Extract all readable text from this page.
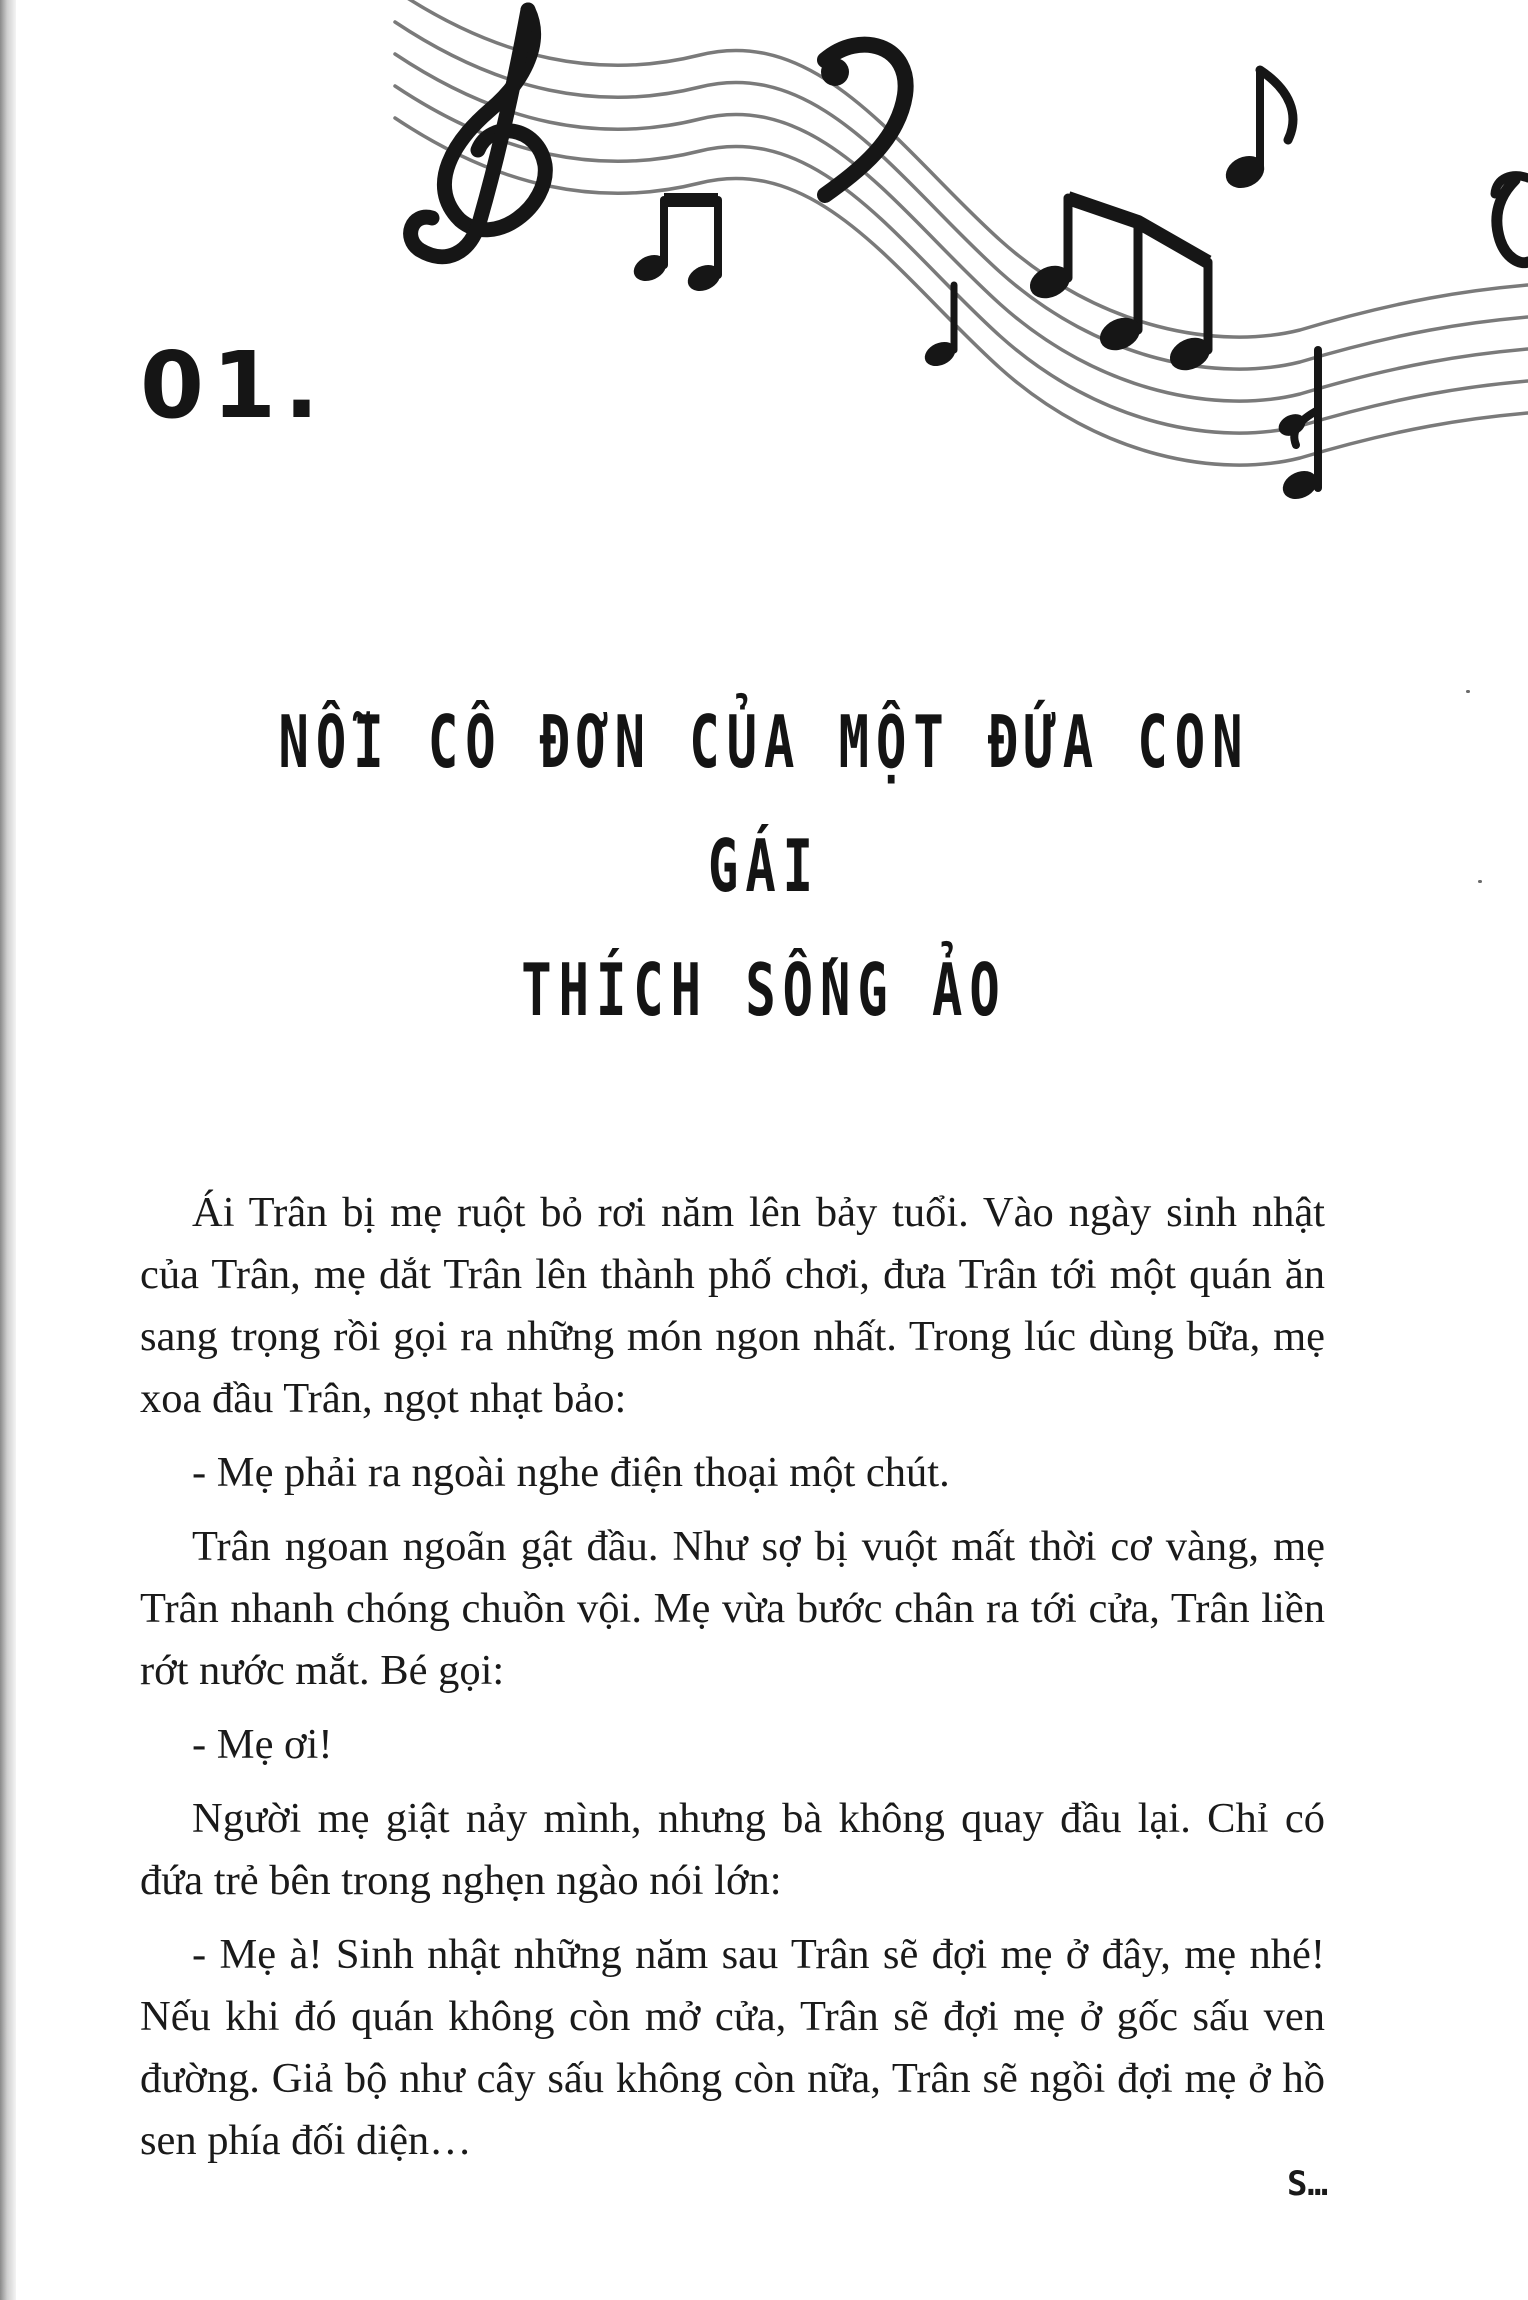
01.
NỖI CÔ ĐƠN CỦA MỘT ĐỨA CON GÁI
THÍCH SỐNG ẢO

Ái Trân bị mẹ ruột bỏ rơi năm lên bảy tuổi. Vào ngày sinh nhật của Trân, mẹ dắt Trân lên thành phố chơi, đưa Trân tới một quán ăn sang trọng rồi gọi ra những món ngon nhất. Trong lúc dùng bữa, mẹ xoa đầu Trân, ngọt nhạt bảo:

- Mẹ phải ra ngoài nghe điện thoại một chút.

Trân ngoan ngoãn gật đầu. Như sợ bị vuột mất thời cơ vàng, mẹ Trân nhanh chóng chuồn vội. Mẹ vừa bước chân ra tới cửa, Trân liền rớt nước mắt. Bé gọi:

- Mẹ ơi!

Người mẹ giật nảy mình, nhưng bà không quay đầu lại. Chỉ có đứa trẻ bên trong nghẹn ngào nói lớn:

- Mẹ à! Sinh nhật những năm sau Trân sẽ đợi mẹ ở đây, mẹ nhé! Nếu khi đó quán không còn mở cửa, Trân sẽ đợi mẹ ở gốc sấu ven đường. Giả bộ như cây sấu không còn nữa, Trân sẽ ngồi đợi mẹ ở hồ sen phía đối diện…

S…
